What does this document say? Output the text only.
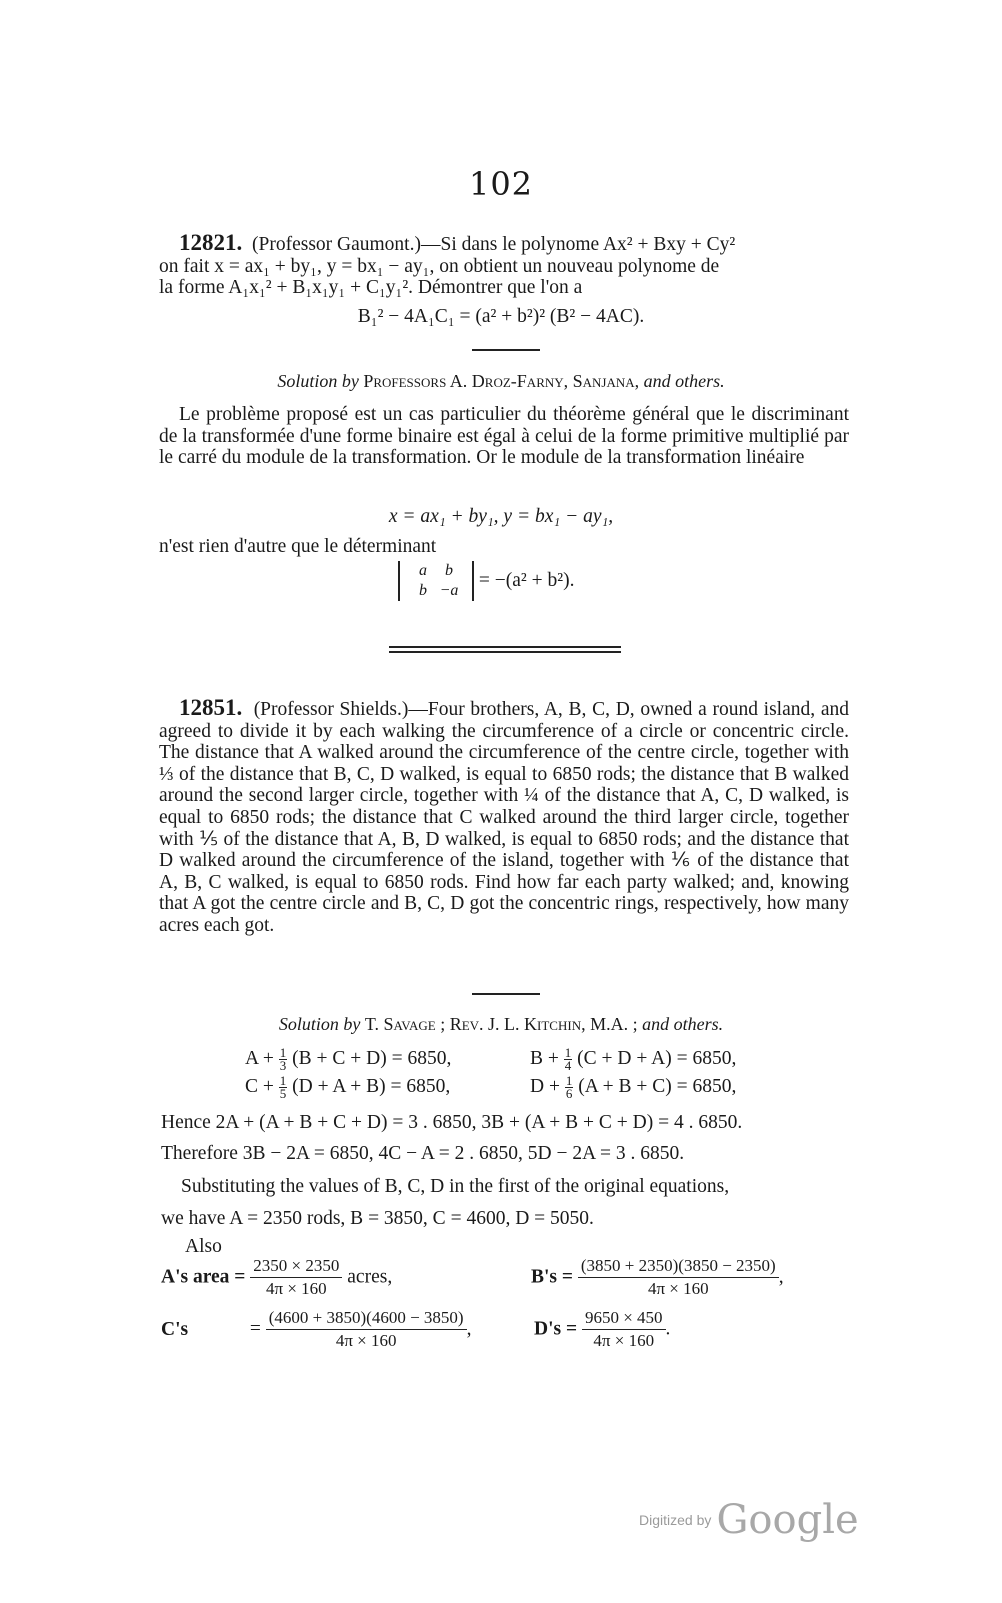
102
12821. (Professor Gaumont.)—Si dans le polynome Ax² + Bxy + Cy²
on fait x = ax₁ + by₁, y = bx₁ − ay₁, on obtient un nouveau polynome de
la forme A₁x₁² + B₁x₁y₁ + C₁y₁². Démontrer que l'on a
B₁² − 4A₁C₁ = (a² + b²)² (B² − 4AC).
Solution by Professors A. Droz-Farny, Sanjana, and others.
Le problème proposé est un cas particulier du théorème général que le discriminant de la transformée d'une forme binaire est égal à celui de la forme primitive multiplié par le carré du module de la transformation. Or le module de la transformation linéaire
x = ax₁ + by₁, y = bx₁ − ay₁,
n'est rien d'autre que le déterminant
a b
b −a = −(a² + b²).
12851. (Professor Shields.)—Four brothers, A, B, C, D, owned a round island, and agreed to divide it by each walking the circumference of a circle or concentric circle. The distance that A walked around the circumference of the centre circle, together with ⅓ of the distance that B, C, D walked, is equal to 6850 rods; the distance that B walked around the second larger circle, together with ¼ of the distance that A, C, D walked, is equal to 6850 rods; the distance that C walked around the third larger circle, together with ⅕ of the distance that A, B, D walked, is equal to 6850 rods; and the distance that D walked around the circumference of the island, together with ⅙ of the distance that A, B, C walked, is equal to 6850 rods. Find how far each party walked; and, knowing that A got the centre circle and B, C, D got the concentric rings, respectively, how many acres each got.
Solution by T. Savage ; Rev. J. L. Kitchin, M.A. ; and others.
$A + \frac{1}{3} (B + C + D) = 6850$,	$B + \frac{1}{4} (C + D + A) = 6850$,
$C + \frac{1}{5} (D + A + B) = 6850$,	$D + \frac{1}{6} (A + B + C) = 6850$,
Hence 2A + (A + B + C + D) = 3 . 6850, 3B + (A + B + C + D) = 4 . 6850.
Therefore 3B − 2A = 6850, 4C − A = 2 . 6850, 5D − 2A = 3 . 6850.
Substituting the values of B, C, D in the first of the original equations,
we have A = 2350 rods, B = 3850, C = 4600, D = 5050.
Also
A's area = $\frac{2350 \times 2350}{4\pi \times 160}$ acres,	$B's = \frac{(3850 + 2350)(3850 - 2350)}{4\pi \times 160}$ ,
C's	= $\frac{(4600 + 3850)(4600 - 3850)}{4\pi \times 160}$ ,	$D's = \frac{9650 \times 450}{4\pi \times 160}$ .
Digitized by Google
